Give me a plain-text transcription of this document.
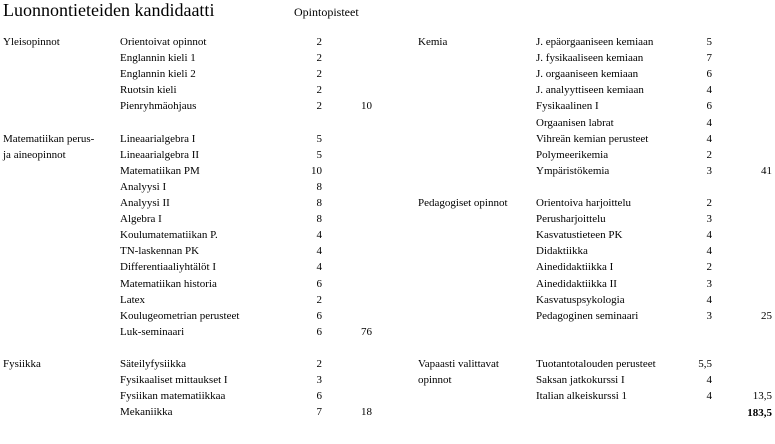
Luonnontieteiden kandidaatti	Opintopisteet
Yleisopinnot	Orientoivat opinnot	2
Englannin kieli 1	2
Englannin kieli 2	2
Ruotsin kieli	2
Pienryhmäohjaus	2	10
Matematiikan perus-
ja aineopinnot
Lineaarialgebra I	5
Lineaarialgebra II	5
Matematiikan PM	10
Analyysi I	8
Analyysi II	8
Algebra I	8
Koulumatematiikan P.	4
TN-laskennan PK	4
Differentiaaliyhtälöt I	4
Matematiikan historia	6
Latex	2
Koulugeometrian perusteet	6
Luk-seminaari	6	76
Fysiikka	Säteilyfysiikka	2
Fysikaaliset mittaukset I	3
Fysiikan matematiikkaa	6
Mekaniikka	7	18
Kemia	J. epäorgaaniseen kemiaan	5
J. fysikaaliseen kemiaan	7
J. orgaaniseen kemiaan	6
J. analyyttiseen kemiaan	4
Fysikaalinen I	6
Orgaanisen labrat	4
Vihreän kemian perusteet	4
Polymeerikemia	2
Ympäristökemia	3	41
Pedagogiset opinnot	Orientoiva harjoittelu	2
Perusharjoittelu	3
Kasvatustieteen PK	4
Didaktiikka	4
Ainedidaktiikka I	2
Ainedidaktiikka II	3
Kasvatuspsykologia	4
Pedagoginen seminaari	3	25
Vapaasti valittavat
opinnot
Tuotantotalouden perusteet	5,5
Saksan jatkokurssi I	4
Italian alkeiskurssi 1	4	13,5
183,5
